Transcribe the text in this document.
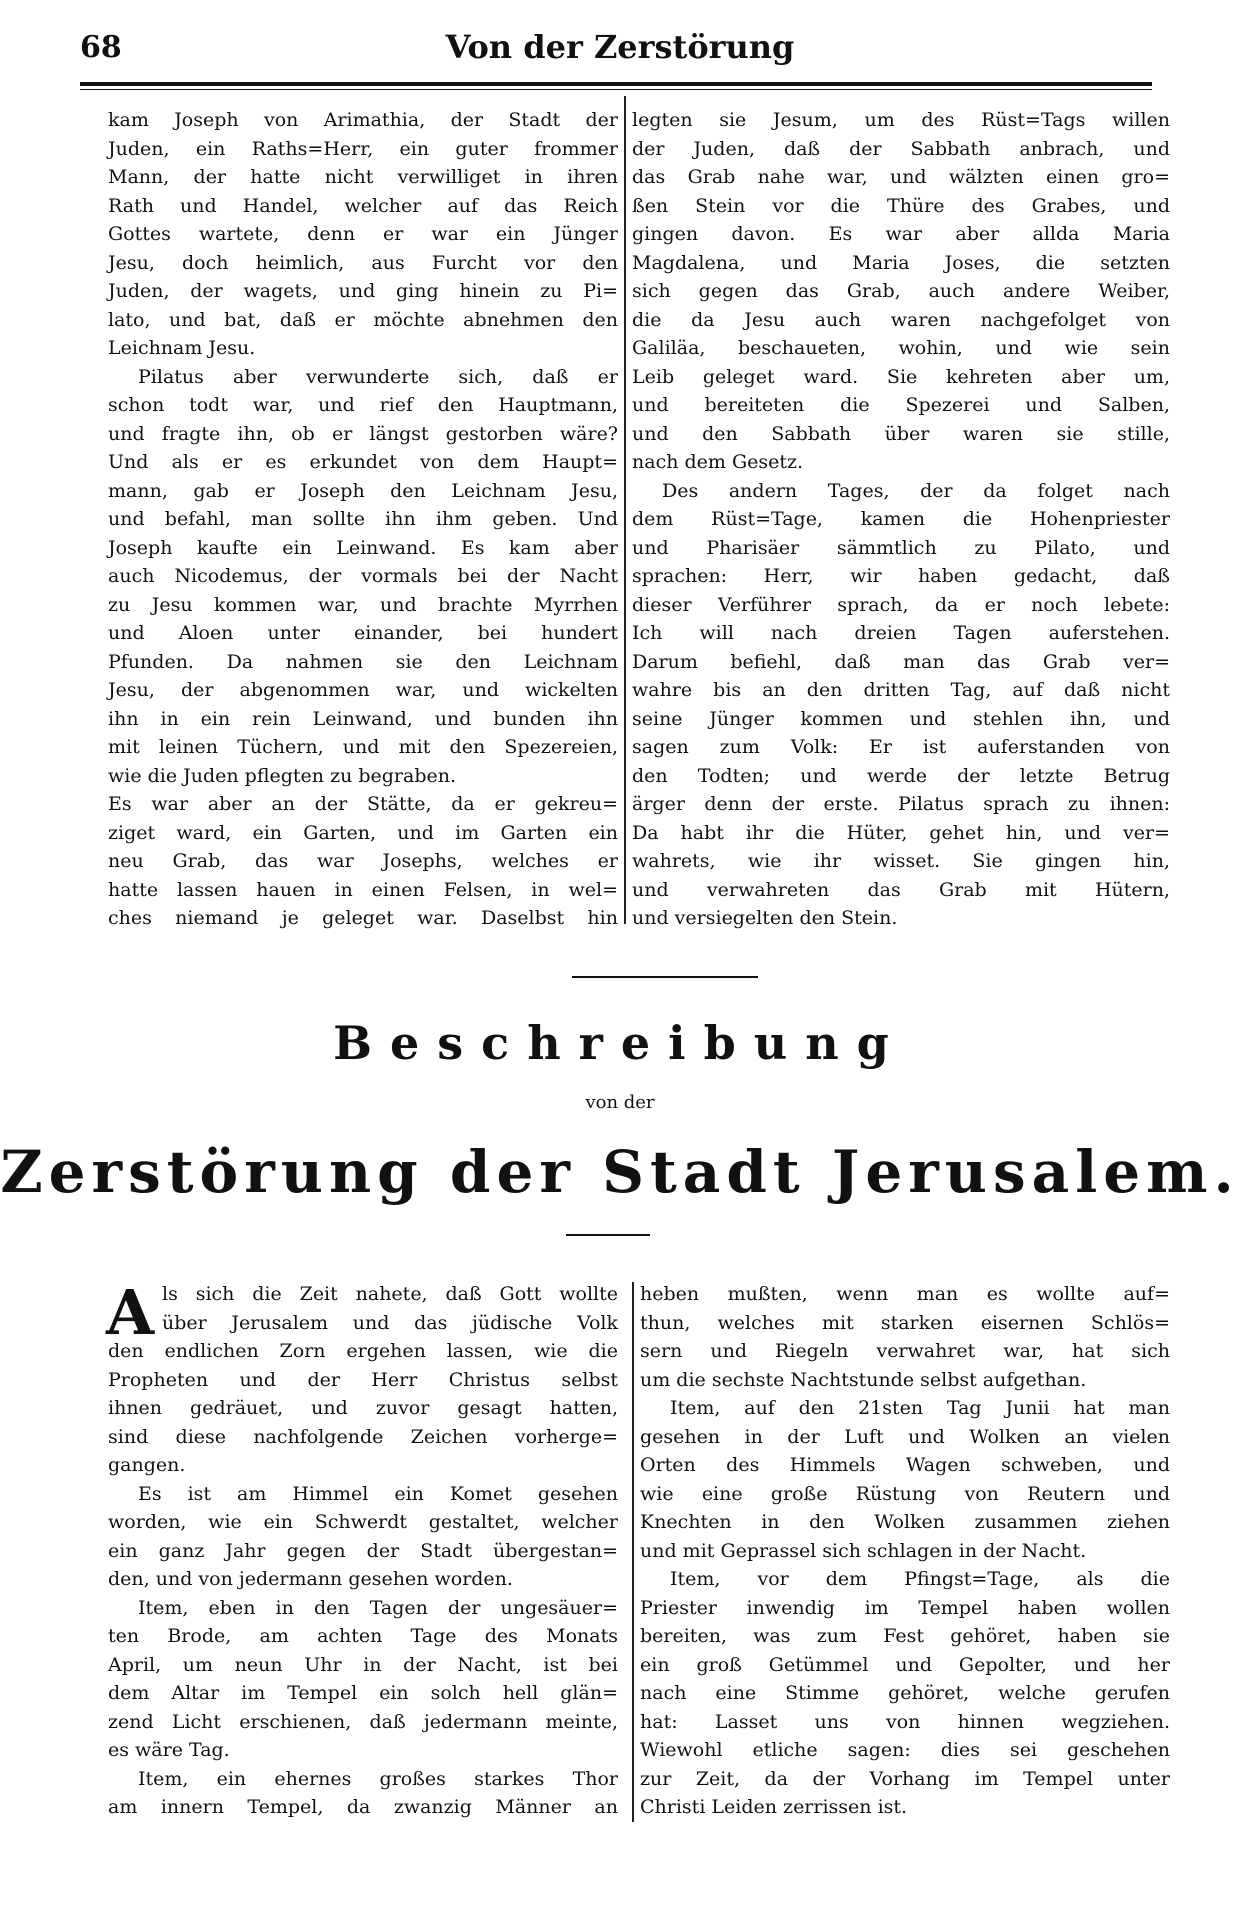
68	Von der Zerstörung
kam Joseph von Arimathia, der Stadt der
Juden, ein Raths=Herr, ein guter frommer
Mann, der hatte nicht verwilliget in ihren
Rath und Handel, welcher auf das Reich
Gottes wartete, denn er war ein Jünger
Jesu, doch heimlich, aus Furcht vor den
Juden, der wagets, und ging hinein zu Pi=
lato, und bat, daß er möchte abnehmen den
Leichnam Jesu.
Pilatus aber verwunderte sich, daß er
schon todt war, und rief den Hauptmann,
und fragte ihn, ob er längst gestorben wäre?
Und als er es erkundet von dem Haupt=
mann, gab er Joseph den Leichnam Jesu,
und befahl, man sollte ihn ihm geben. Und
Joseph kaufte ein Leinwand. Es kam aber
auch Nicodemus, der vormals bei der Nacht
zu Jesu kommen war, und brachte Myrrhen
und Aloen unter einander, bei hundert
Pfunden. Da nahmen sie den Leichnam
Jesu, der abgenommen war, und wickelten
ihn in ein rein Leinwand, und bunden ihn
mit leinen Tüchern, und mit den Spezereien,
wie die Juden pflegten zu begraben.
Es war aber an der Stätte, da er gekreu=
ziget ward, ein Garten, und im Garten ein
neu Grab, das war Josephs, welches er
hatte lassen hauen in einen Felsen, in wel=
ches niemand je geleget war. Daselbst hin
legten sie Jesum, um des Rüst=Tags willen
der Juden, daß der Sabbath anbrach, und
das Grab nahe war, und wälzten einen gro=
ßen Stein vor die Thüre des Grabes, und
gingen davon. Es war aber allda Maria
Magdalena, und Maria Joses, die setzten
sich gegen das Grab, auch andere Weiber,
die da Jesu auch waren nachgefolget von
Galiläa, beschaueten, wohin, und wie sein
Leib geleget ward. Sie kehreten aber um,
und bereiteten die Spezerei und Salben,
und den Sabbath über waren sie stille,
nach dem Gesetz.
Des andern Tages, der da folget nach
dem Rüst=Tage, kamen die Hohenpriester
und Pharisäer sämmtlich zu Pilato, und
sprachen: Herr, wir haben gedacht, daß
dieser Verführer sprach, da er noch lebete:
Ich will nach dreien Tagen auferstehen.
Darum befiehl, daß man das Grab ver=
wahre bis an den dritten Tag, auf daß nicht
seine Jünger kommen und stehlen ihn, und
sagen zum Volk: Er ist auferstanden von
den Todten; und werde der letzte Betrug
ärger denn der erste. Pilatus sprach zu ihnen:
Da habt ihr die Hüter, gehet hin, und ver=
wahrets, wie ihr wisset. Sie gingen hin,
und verwahreten das Grab mit Hütern,
und versiegelten den Stein.
Beschreibung
von der
Zerstörung der Stadt Jerusalem.
A ls sich die Zeit nahete, daß Gott wollte
über Jerusalem und das jüdische Volk
den endlichen Zorn ergehen lassen, wie die
Propheten und der Herr Christus selbst
ihnen gedräuet, und zuvor gesagt hatten,
sind diese nachfolgende Zeichen vorherge=
gangen.
Es ist am Himmel ein Komet gesehen
worden, wie ein Schwerdt gestaltet, welcher
ein ganz Jahr gegen der Stadt übergestan=
den, und von jedermann gesehen worden.
Item, eben in den Tagen der ungesäuer=
ten Brode, am achten Tage des Monats
April, um neun Uhr in der Nacht, ist bei
dem Altar im Tempel ein solch hell glän=
zend Licht erschienen, daß jedermann meinte,
es wäre Tag.
Item, ein ehernes großes starkes Thor
am innern Tempel, da zwanzig Männer an
heben mußten, wenn man es wollte auf=
thun, welches mit starken eisernen Schlös=
sern und Riegeln verwahret war, hat sich
um die sechste Nachtstunde selbst aufgethan.
Item, auf den 21sten Tag Junii hat man
gesehen in der Luft und Wolken an vielen
Orten des Himmels Wagen schweben, und
wie eine große Rüstung von Reutern und
Knechten in den Wolken zusammen ziehen
und mit Geprassel sich schlagen in der Nacht.
Item, vor dem Pfingst=Tage, als die
Priester inwendig im Tempel haben wollen
bereiten, was zum Fest gehöret, haben sie
ein groß Getümmel und Gepolter, und her
nach eine Stimme gehöret, welche gerufen
hat: Lasset uns von hinnen wegziehen.
Wiewohl etliche sagen: dies sei geschehen
zur Zeit, da der Vorhang im Tempel unter
Christi Leiden zerrissen ist.
